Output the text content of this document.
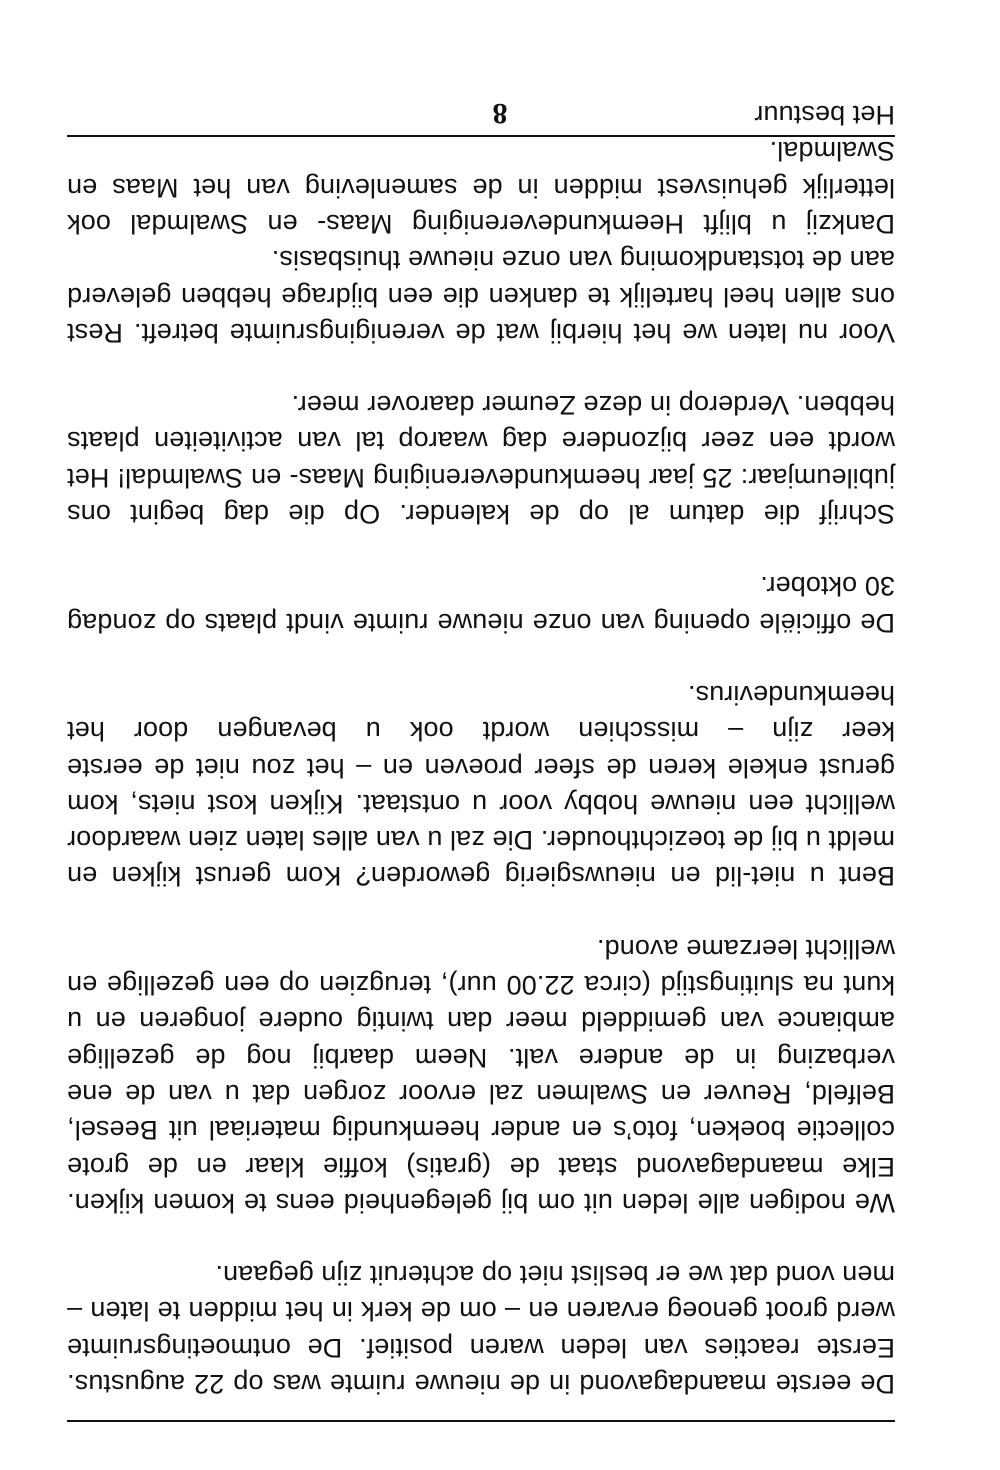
De eerste maandagavond in de nieuwe ruimte was op 22 augustus. Eerste reacties van leden waren positief. De ontmoetingsruimte werd groot genoeg ervaren en – om de kerk in het midden te laten – men vond dat we er beslist niet op achteruit zijn gegaan.

We nodigen alle leden uit om bij gelegenheid eens te komen kijken. Elke maandagavond staat de (gratis) koffie klaar en de grote collectie boeken, foto’s en ander heemkundig materiaal uit Beesel, Belfeld, Reuver en Swalmen zal ervoor zorgen dat u van de ene verbazing in de andere valt. Neem daarbij nog de gezellige ambiance van gemiddeld meer dan twintig oudere jongeren en u kunt na sluitingstijd (circa 22.00 uur), terugzien op een gezellige en wellicht leerzame avond.

Bent u niet-lid en nieuwsgierig geworden? Kom gerust kijken en meldt u bij de toezichthouder. Die zal u van alles laten zien waardoor wellicht een nieuwe hobby voor u ontstaat. Kijken kost niets, kom gerust enkele keren de sfeer proeven en – het zou niet de eerste keer zijn – misschien wordt ook u bevangen door het heemkundevirus.

De officiële opening van onze nieuwe ruimte vindt plaats op zondag 30 oktober.

Schrijf die datum al op de kalender. Op die dag begint ons jubileumjaar: 25 jaar heemkundevereniging Maas- en Swalmdal! Het wordt een zeer bijzondere dag waarop tal van activiteiten plaats hebben. Verderop in deze Zeumer daarover meer.

Voor nu laten we het hierbij wat de verenigingsruimte betreft. Rest ons allen heel hartelijk te danken die een bijdrage hebben geleverd aan de totstandkoming van onze nieuwe thuisbasis.

Dankzij u blijft Heemkundevereniging Maas- en Swalmdal ook letterlijk gehuisvest midden in de samenleving van het Maas en Swalmdal.

Het bestuur

8
